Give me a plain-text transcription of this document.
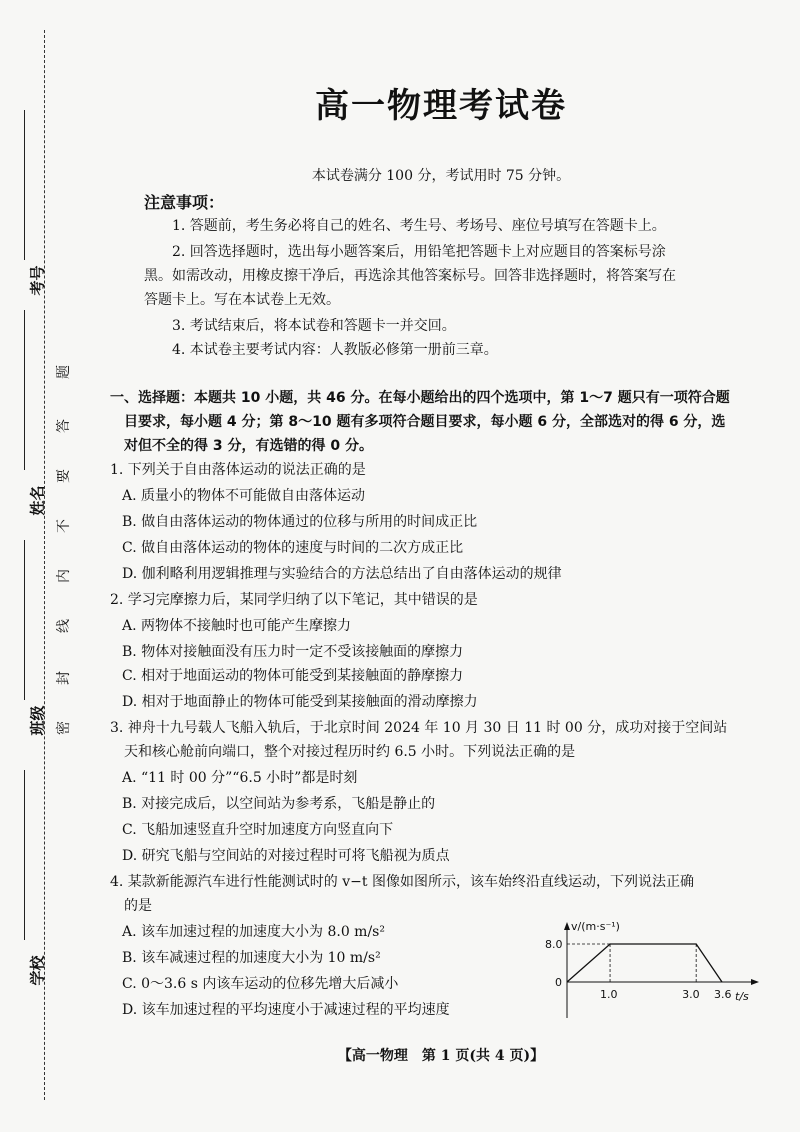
考号
姓名
班级
学校
题
答
要
不
内
线
封
密
高一物理考试卷
本试卷满分 100 分，考试用时 75 分钟。
注意事项：
1. 答题前，考生务必将自己的姓名、考生号、考场号、座位号填写在答题卡上。
2. 回答选择题时，选出每小题答案后，用铅笔把答题卡上对应题目的答案标号涂
黑。如需改动，用橡皮擦干净后，再选涂其他答案标号。回答非选择题时，将答案写在
答题卡上。写在本试卷上无效。
3. 考试结束后，将本试卷和答题卡一并交回。
4. 本试卷主要考试内容：人教版必修第一册前三章。
一、选择题：本题共 10 小题，共 46 分。在每小题给出的四个选项中，第 1～7 题只有一项符合题
目要求，每小题 4 分；第 8～10 题有多项符合题目要求，每小题 6 分，全部选对的得 6 分，选
对但不全的得 3 分，有选错的得 0 分。
1. 下列关于自由落体运动的说法正确的是
A. 质量小的物体不可能做自由落体运动
B. 做自由落体运动的物体通过的位移与所用的时间成正比
C. 做自由落体运动的物体的速度与时间的二次方成正比
D. 伽利略利用逻辑推理与实验结合的方法总结出了自由落体运动的规律
2. 学习完摩擦力后，某同学归纳了以下笔记，其中错误的是
A. 两物体不接触时也可能产生摩擦力
B. 物体对接触面没有压力时一定不受该接触面的摩擦力
C. 相对于地面运动的物体可能受到某接触面的静摩擦力
D. 相对于地面静止的物体可能受到某接触面的滑动摩擦力
3. 神舟十九号载人飞船入轨后，于北京时间 2024 年 10 月 30 日 11 时 00 分，成功对接于空间站
天和核心舱前向端口，整个对接过程历时约 6.5 小时。下列说法正确的是
A. “11 时 00 分”“6.5 小时”都是时刻
B. 对接完成后，以空间站为参考系，飞船是静止的
C. 飞船加速竖直升空时加速度方向竖直向下
D. 研究飞船与空间站的对接过程时可将飞船视为质点
4. 某款新能源汽车进行性能测试时的 v−t 图像如图所示，该车始终沿直线运动，下列说法正确
的是
A. 该车加速过程的加速度大小为 8.0 m/s²
B. 该车减速过程的加速度大小为 10 m/s²
C. 0～3.6 s 内该车运动的位移先增大后减小
D. 该车加速过程的平均速度小于减速过程的平均速度
【高一物理　第 1 页(共 4 页)】
v/(m·s⁻¹)
8.0
0
1.0	3.0 3.6 t/s
